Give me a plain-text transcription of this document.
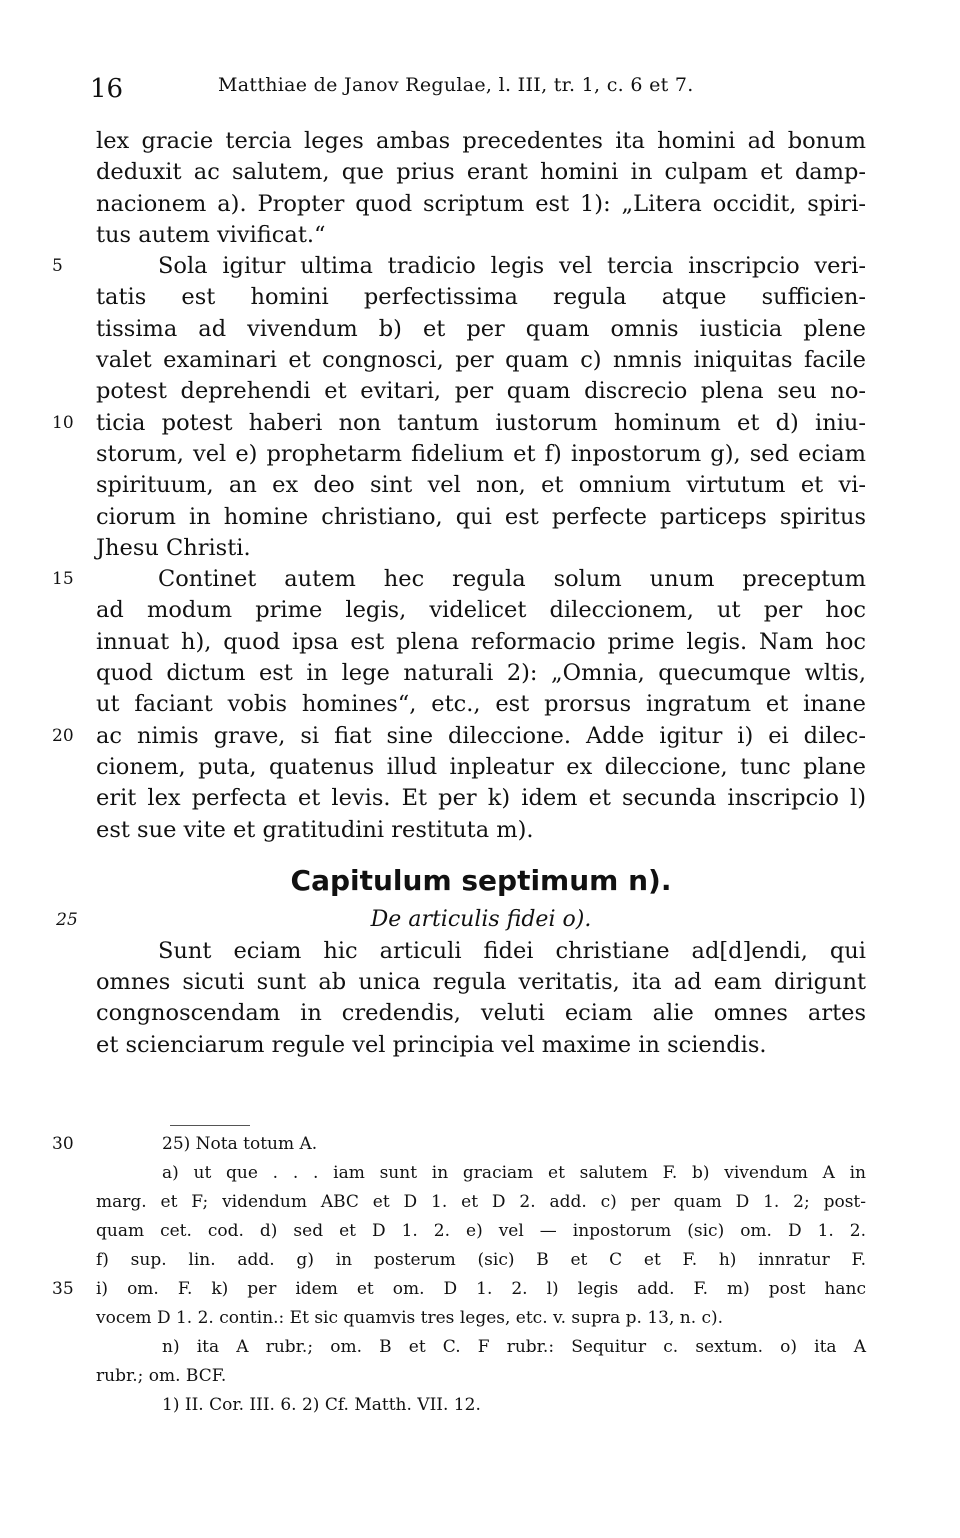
16	Matthiae de Janov Regulae, l. III, tr. 1, c. 6 et 7.
lex gracie tercia leges ambas precedentes ita homini ad bonum
deduxit ac salutem, que prius erant homini in culpam et damp-
nacionem a). Propter quod scriptum est 1): „Litera occidit, spiri-
tus autem vivificat.“
5	Sola igitur ultima tradicio legis vel tercia inscripcio veri-
tatis est homini perfectissima regula atque sufficien-
tissima ad vivendum b) et per quam omnis iusticia plene
valet examinari et congnosci, per quam c) nmnis iniquitas facile
potest deprehendi et evitari, per quam discrecio plena seu no-
10 ticia potest haberi non tantum iustorum hominum et d) iniu-
storum, vel e) prophetarm fidelium et f) inpostorum g), sed eciam
spirituum, an ex deo sint vel non, et omnium virtutum et vi-
ciorum in homine christiano, qui est perfecte particeps spiritus
Jhesu Christi.
15	Continet autem hec regula solum unum preceptum
ad modum prime legis, videlicet dileccionem, ut per hoc
innuat h), quod ipsa est plena reformacio prime legis. Nam hoc
quod dictum est in lege naturali 2): „Omnia, quecumque wltis,
ut faciant vobis homines“, etc., est prorsus ingratum et inane
20 ac nimis grave, si fiat sine dileccione. Adde igitur i) ei dilec-
cionem, puta, quatenus illud inpleatur ex dileccione, tunc plane
erit lex perfecta et levis. Et per k) idem et secunda inscripcio l)
est sue vite et gratitudini restituta m).
Capitulum septimum n).
25	De articulis fidei o).
Sunt eciam hic articuli fidei christiane ad[d]endi, qui
omnes sicuti sunt ab unica regula veritatis, ita ad eam dirigunt
congnoscendam in credendis, veluti eciam alie omnes artes
et scienciarum regule vel principia vel maxime in sciendis.
30	25) Nota totum A.
a) ut que . . . iam sunt in graciam et salutem F. b) vivendum A in
marg. et F; videndum ABC et D 1. et D 2. add. c) per quam D 1. 2; post-
quam cet. cod. d) sed et D 1. 2. e) vel — inpostorum (sic) om. D 1. 2.
f) sup. lin. add. g) in posterum (sic) B et C et F. h) innratur F.
35 i) om. F. k) per idem et om. D 1. 2. l) legis add. F. m) post hanc
vocem D 1. 2. contin.: Et sic quamvis tres leges, etc. v. supra p. 13, n. c).
n) ita A rubr.; om. B et C. F rubr.: Sequitur c. sextum. o) ita A
rubr.; om. BCF.
1) II. Cor. III. 6. 2) Cf. Matth. VII. 12.
